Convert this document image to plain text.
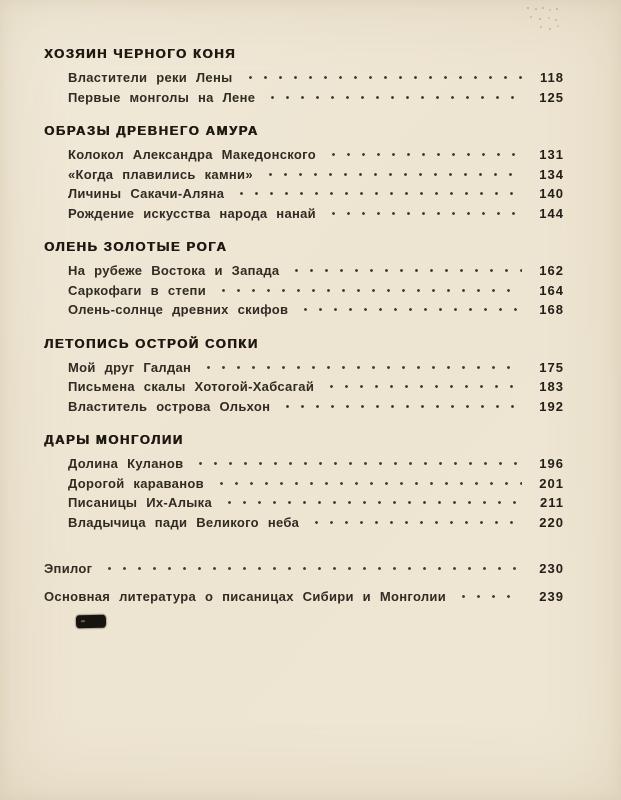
ХОЗЯИН ЧЕРНОГО КОНЯ
Властители реки Лены	118
Первые монголы на Лене	125
ОБРАЗЫ ДРЕВНЕГО АМУРА
Колокол Александра Македонского	131
«Когда плавились камни»	134
Личины Сакачи-Аляна	140
Рождение искусства народа нанай	144
ОЛЕНЬ ЗОЛОТЫЕ РОГА
На рубеже Востока и Запада	162
Саркофаги в степи	164
Олень-солнце древних скифов	168
ЛЕТОПИСЬ ОСТРОЙ СОПКИ
Мой друг Галдан	175
Письмена скалы Хотогой-Хабсагай	183
Властитель острова Ольхон	192
ДАРЫ МОНГОЛИИ
Долина Куланов	196
Дорогой караванов	201
Писаницы Их-Алыка	211
Владычица пади Великого неба	220
Эпилог	230
Основная литература о писаницах Сибири и Монголии	239
